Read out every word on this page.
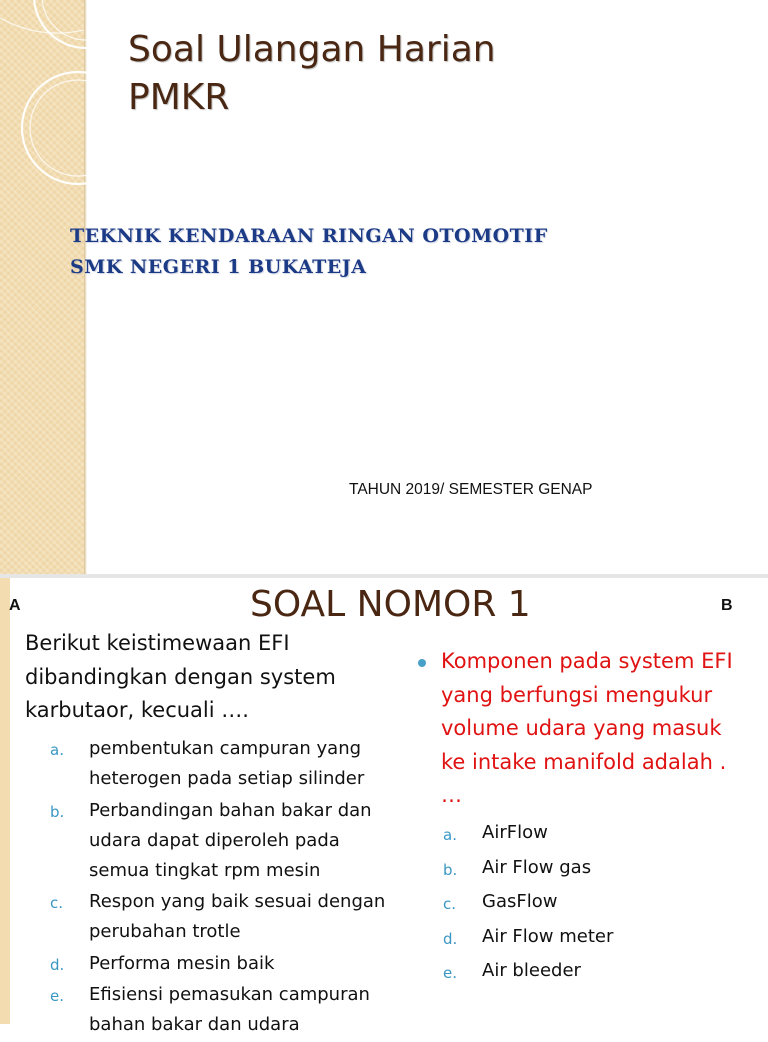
Soal Ulangan Harian
PMKR
TEKNIK KENDARAAN RINGAN OTOMOTIF
SMK NEGERI 1 BUKATEJA
TAHUN 2019/ SEMESTER GENAP
A	SOAL NOMOR 1	B

Berikut keistimewaan EFI dibandingkan dengan system karbutaor, kecuali ….

a. pembentukan campuran yang heterogen pada setiap silinder
b. Perbandingan bahan bakar dan udara dapat diperoleh pada semua tingkat rpm mesin
c. Respon yang baik sesuai dengan perubahan trotle
d. Performa mesin baik
e. Efisiensi pemasukan campuran bahan bakar dan udara

Komponen pada system EFI yang berfungsi mengukur volume udara yang masuk ke intake manifold adalah . …

a. AirFlow
b. Air Flow gas
c. GasFlow
d. Air Flow meter
e. Air bleeder
